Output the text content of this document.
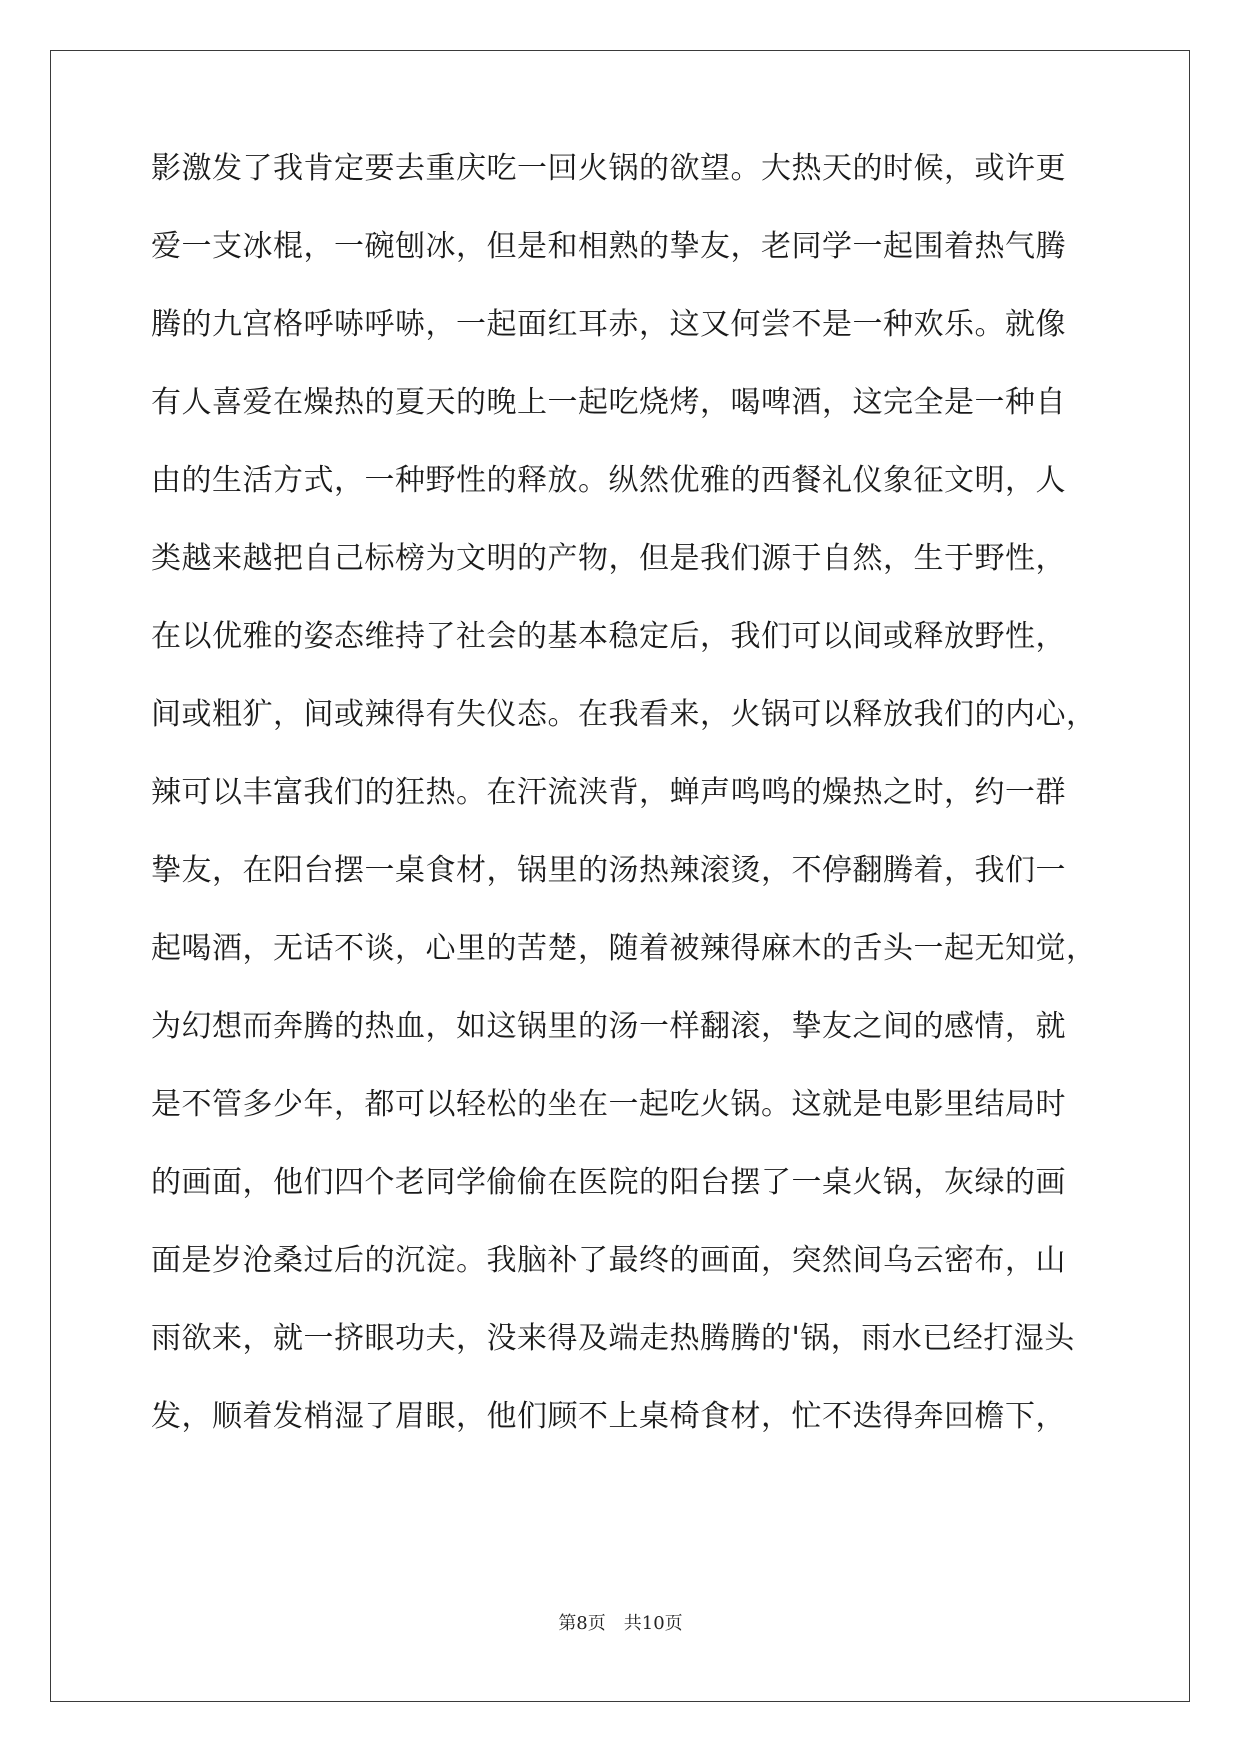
影激发了我肯定要去重庆吃一回火锅的欲望。大热天的时候，或许更
爱一支冰棍，一碗刨冰，但是和相熟的挚友，老同学一起围着热气腾
腾的九宫格呼哧呼哧，一起面红耳赤，这又何尝不是一种欢乐。就像
有人喜爱在燥热的夏天的晚上一起吃烧烤，喝啤酒，这完全是一种自
由的生活方式，一种野性的释放。纵然优雅的西餐礼仪象征文明，人
类越来越把自己标榜为文明的产物，但是我们源于自然，生于野性，
在以优雅的姿态维持了社会的基本稳定后，我们可以间或释放野性，
间或粗犷，间或辣得有失仪态。在我看来，火锅可以释放我们的内心，
辣可以丰富我们的狂热。在汗流浃背，蝉声鸣鸣的燥热之时，约一群
挚友，在阳台摆一桌食材，锅里的汤热辣滚烫，不停翻腾着，我们一
起喝酒，无话不谈，心里的苦楚，随着被辣得麻木的舌头一起无知觉，
为幻想而奔腾的热血，如这锅里的汤一样翻滚，挚友之间的感情，就
是不管多少年，都可以轻松的坐在一起吃火锅。这就是电影里结局时
的画面，他们四个老同学偷偷在医院的阳台摆了一桌火锅，灰绿的画
面是岁沧桑过后的沉淀。我脑补了最终的画面，突然间乌云密布，山
雨欲来，就一挤眼功夫，没来得及端走热腾腾的'锅，雨水已经打湿头
发，顺着发梢湿了眉眼，他们顾不上桌椅食材，忙不迭得奔回檐下，
第8页　共10页
